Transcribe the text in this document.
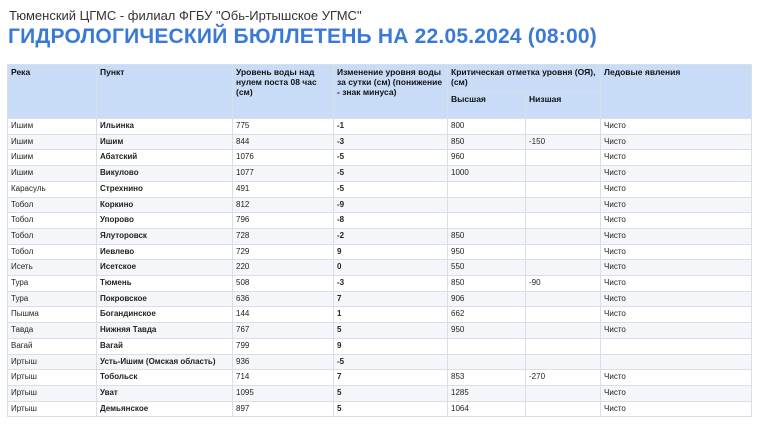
Тюменский ЦГМС - филиал ФГБУ "Обь-Иртышское УГМС"
ГИДРОЛОГИЧЕСКИЙ БЮЛЛЕТЕНЬ НА 22.05.2024 (08:00)
Река	Пункт	Уровень воды над нулем поста 08 час (см)	Изменение уровня воды за сутки (см) (понижение - знак минуса)	Критическая отметка уровня (ОЯ), (см)		Ледовые явления
				Высшая	Низшая	
Ишим	Ильинка	775	-1	800		Чисто
Ишим	Ишим	844	-3	850	-150	Чисто
Ишим	Абатский	1076	-5	960		Чисто
Ишим	Викулово	1077	-5	1000		Чисто
Карасуль	Стрехнино	491	-5			Чисто
Тобол	Коркино	812	-9			Чисто
Тобол	Упорово	796	-8			Чисто
Тобол	Ялуторовск	728	-2	850		Чисто
Тобол	Иевлево	729	9	950		Чисто
Исеть	Исетское	220	0	550		Чисто
Тура	Тюмень	508	-3	850	-90	Чисто
Тура	Покровское	636	7	906		Чисто
Пышма	Богандинское	144	1	662		Чисто
Тавда	Нижняя Тавда	767	5	950		Чисто
Вагай	Вагай	799	9			
Иртыш	Усть-Ишим (Омская область)	936	-5			
Иртыш	Тобольск	714	7	853	-270	Чисто
Иртыш	Уват	1095	5	1285		Чисто
Иртыш	Демьянское	897	5	1064		Чисто
